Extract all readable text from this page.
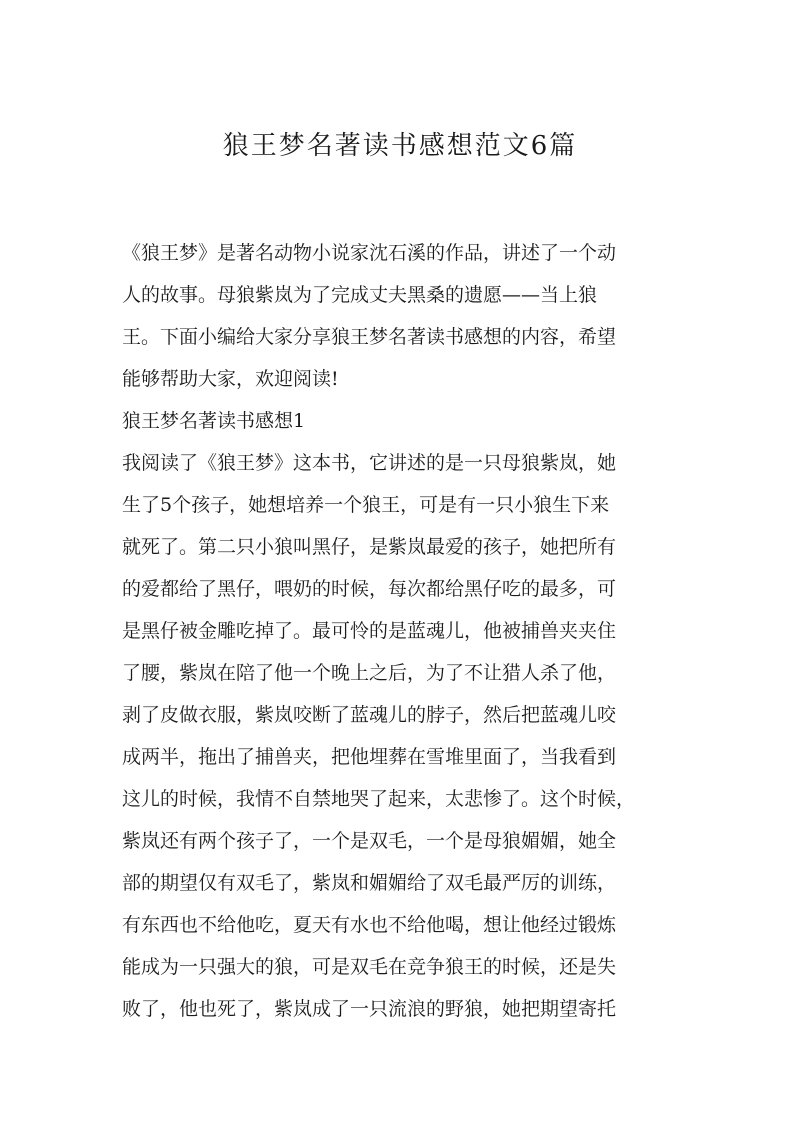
狼王梦名著读书感想范文6篇
《狼王梦》是著名动物小说家沈石溪的作品，讲述了一个动
人的故事。母狼紫岚为了完成丈夫黑桑的遗愿——当上狼
王。下面小编给大家分享狼王梦名著读书感想的内容，希望
能够帮助大家，欢迎阅读!
狼王梦名著读书感想1
我阅读了《狼王梦》这本书，它讲述的是一只母狼紫岚，她
生了5个孩子，她想培养一个狼王，可是有一只小狼生下来
就死了。第二只小狼叫黑仔，是紫岚最爱的孩子，她把所有
的爱都给了黑仔，喂奶的时候，每次都给黑仔吃的最多，可
是黑仔被金雕吃掉了。最可怜的是蓝魂儿，他被捕兽夹夹住
了腰，紫岚在陪了他一个晚上之后，为了不让猎人杀了他，
剥了皮做衣服，紫岚咬断了蓝魂儿的脖子，然后把蓝魂儿咬
成两半，拖出了捕兽夹，把他埋葬在雪堆里面了，当我看到
这儿的时候，我情不自禁地哭了起来，太悲惨了。这个时候，
紫岚还有两个孩子了，一个是双毛，一个是母狼媚媚，她全
部的期望仅有双毛了，紫岚和媚媚给了双毛最严厉的训练，
有东西也不给他吃，夏天有水也不给他喝，想让他经过锻炼
能成为一只强大的狼，可是双毛在竞争狼王的时候，还是失
败了，他也死了，紫岚成了一只流浪的野狼，她把期望寄托
